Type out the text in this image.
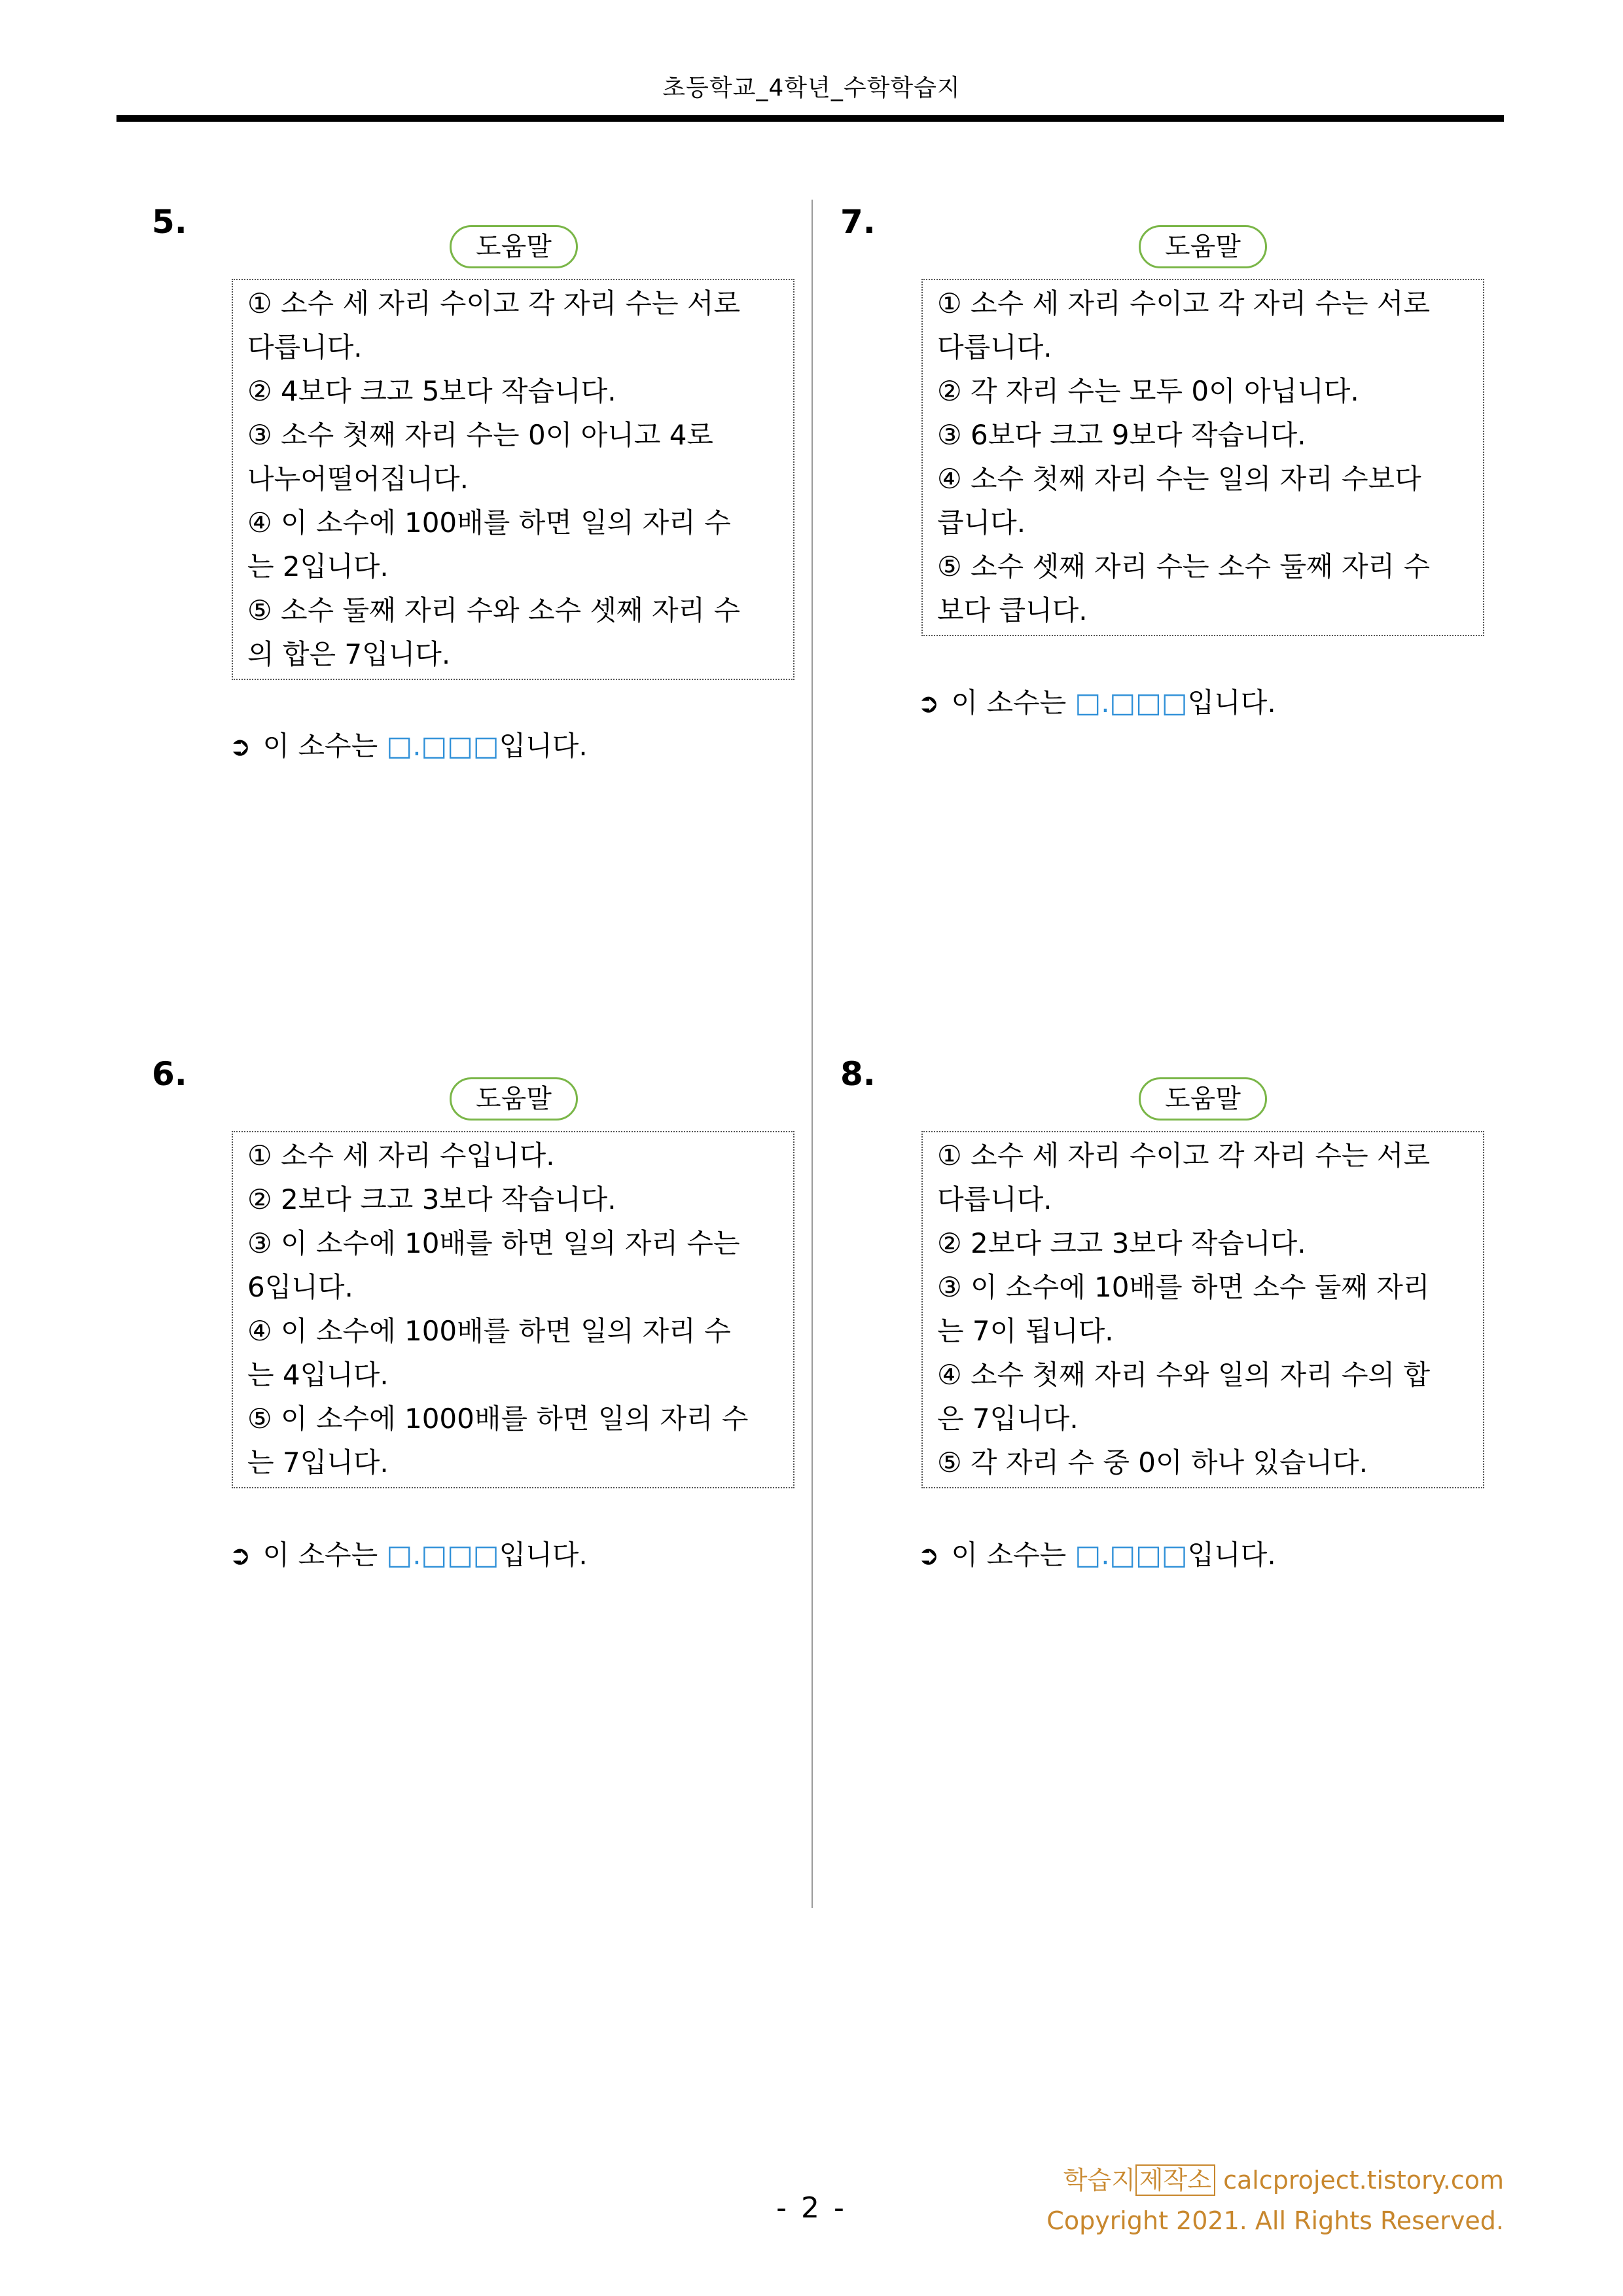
초등학교_4학년_수학학습지
5.
도움말
① 소수 세 자리 수이고 각 자리 수는 서로
다릅니다.
② 4보다 크고 5보다 작습니다.
③ 소수 첫째 자리 수는 0이 아니고 4로
나누어떨어집니다.
④ 이 소수에 100배를 하면 일의 자리 수
는 2입니다.
⑤ 소수 둘째 자리 수와 소수 셋째 자리 수
의 합은 7입니다.
➲ 이 소수는 □.□□□입니다.
7.
도움말
① 소수 세 자리 수이고 각 자리 수는 서로
다릅니다.
② 각 자리 수는 모두 0이 아닙니다.
③ 6보다 크고 9보다 작습니다.
④ 소수 첫째 자리 수는 일의 자리 수보다
큽니다.
⑤ 소수 셋째 자리 수는 소수 둘째 자리 수
보다 큽니다.
➲ 이 소수는 □.□□□입니다.
6.
도움말
① 소수 세 자리 수입니다.
② 2보다 크고 3보다 작습니다.
③ 이 소수에 10배를 하면 일의 자리 수는
6입니다.
④ 이 소수에 100배를 하면 일의 자리 수
는 4입니다.
⑤ 이 소수에 1000배를 하면 일의 자리 수
는 7입니다.
➲ 이 소수는 □.□□□입니다.
8.
도움말
① 소수 세 자리 수이고 각 자리 수는 서로
다릅니다.
② 2보다 크고 3보다 작습니다.
③ 이 소수에 10배를 하면 소수 둘째 자리
는 7이 됩니다.
④ 소수 첫째 자리 수와 일의 자리 수의 합
은 7입니다.
⑤ 각 자리 수 중 0이 하나 있습니다.
➲ 이 소수는 □.□□□입니다.
- 2 -
학습지 제작소 calcproject.tistory.com
Copyright 2021. All Rights Reserved.
